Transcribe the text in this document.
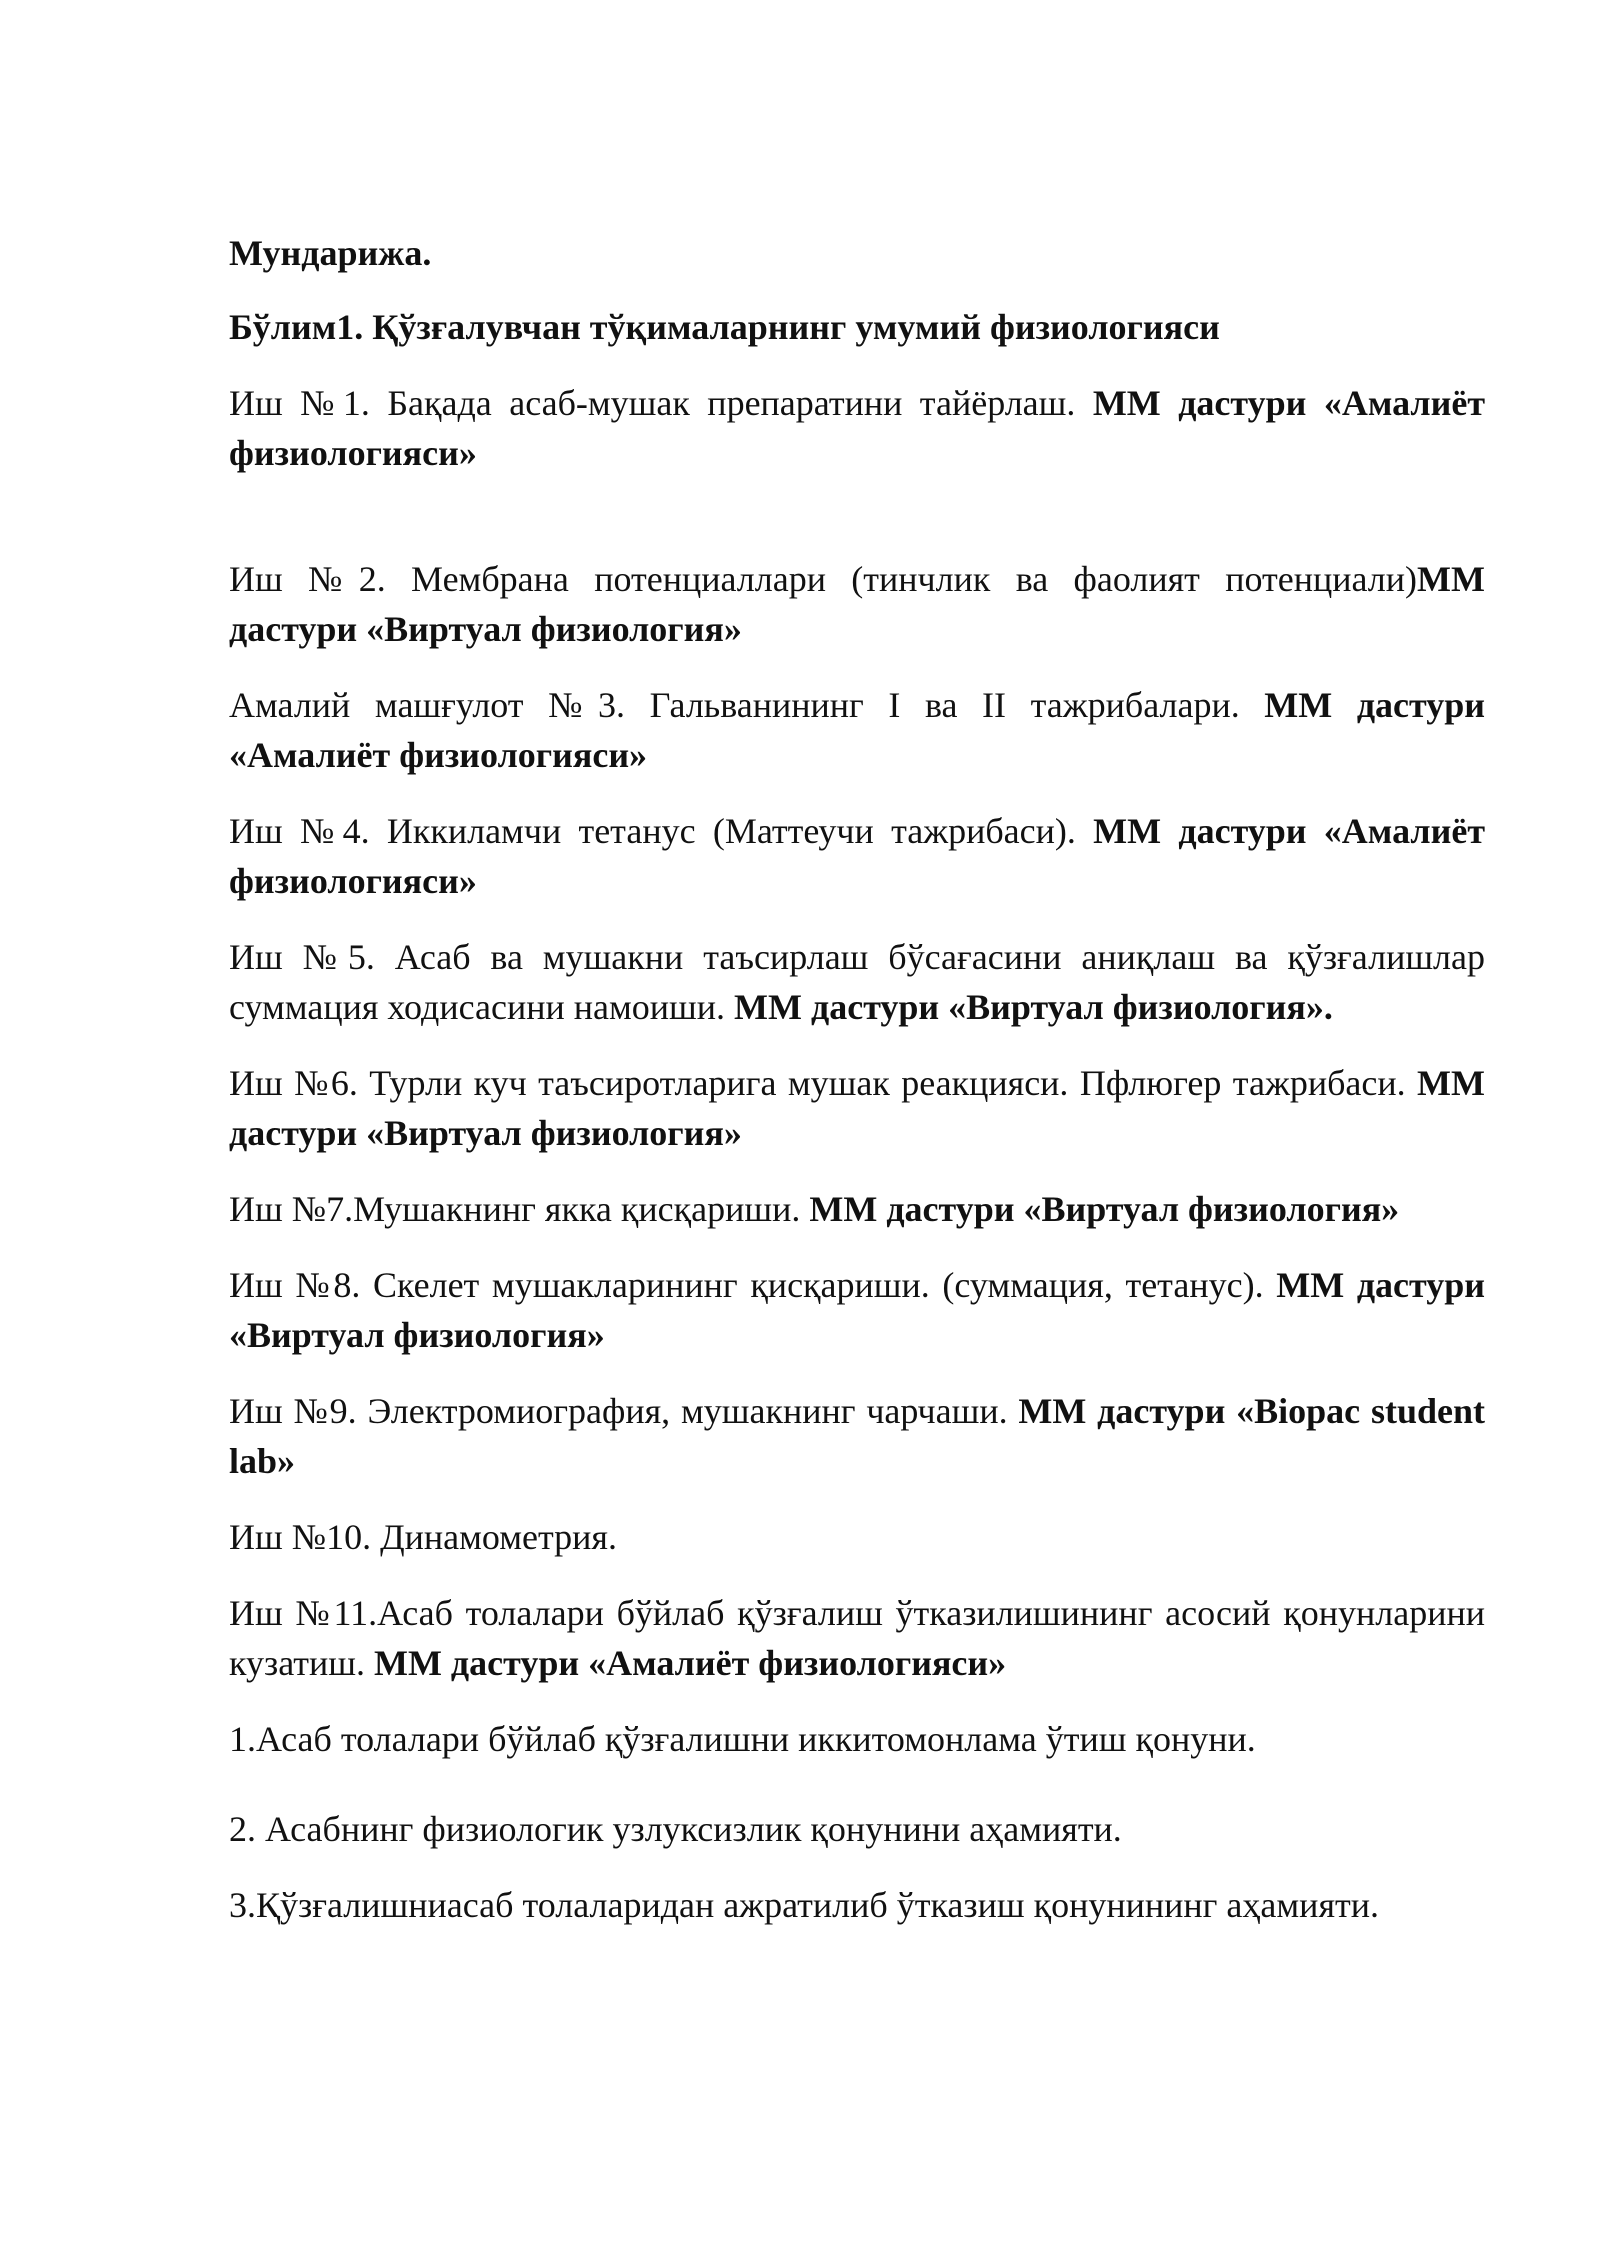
Мундарижа.

Бўлим1. Қўзғалувчан тўқималарнинг умумий физиологияси

Иш №1. Бақада асаб-мушак препаратини тайёрлаш. ММ дастури «Амалиёт физиологияси»

Иш №2. Мембрана потенциаллари (тинчлик ва фаолият потенциали)ММ дастури «Виртуал физиология»

Амалий машғулот №3. Гальванининг I ва II тажрибалари. ММ дастури «Амалиёт физиологияси»

Иш №4. Иккиламчи тетанус (Маттеучи тажрибаси). ММ дастури «Амалиёт физиологияси»

Иш №5. Асаб ва мушакни таъсирлаш бўсағасини аниқлаш ва қўзғалишлар суммация ходисасини намоиши. ММ дастури «Виртуал физиология».

Иш №6. Турли куч таъсиротларига мушак реакцияси. Пфлюгер тажрибаси. ММ дастури «Виртуал физиология»

Иш №7.Мушакнинг якка қисқариши. ММ дастури «Виртуал физиология»

Иш №8. Скелет мушакларининг қисқариши. (суммация, тетанус). ММ дастури «Виртуал физиология»

Иш №9. Электромиография, мушакнинг чарчаши. ММ дастури «Biopac student lab»

Иш №10. Динамометрия.

Иш №11.Асаб толалари бўйлаб қўзғалиш ўтказилишининг асосий қонунларини кузатиш. ММ дастури «Амалиёт физиологияси»

1.Асаб толалари бўйлаб қўзғалишни иккитомонлама ўтиш қонуни.

2. Асабнинг физиологик узлуксизлик қонунини аҳамияти.

3.Қўзғалишниасаб толаларидан ажратилиб ўтказиш қонунининг аҳамияти.
